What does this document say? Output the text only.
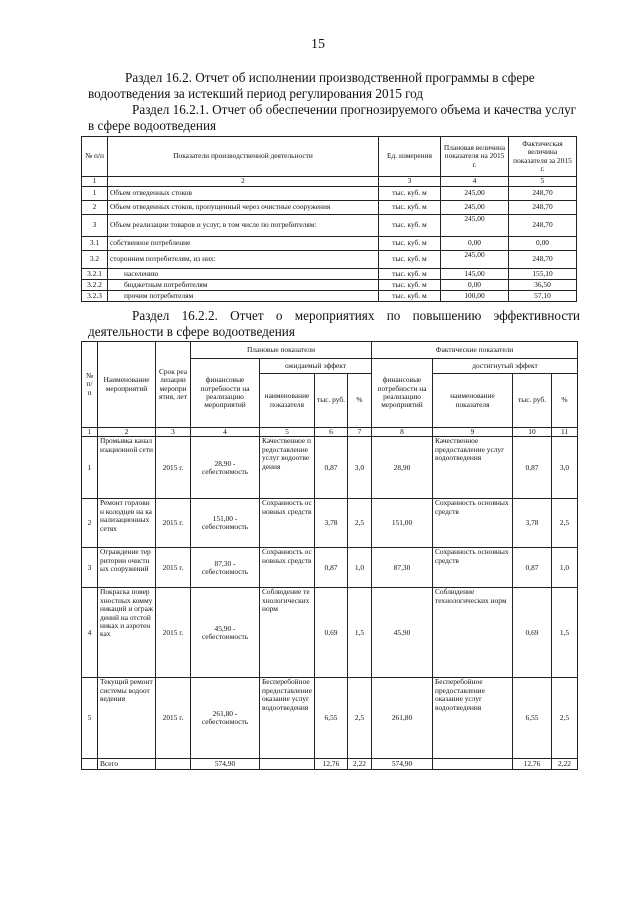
15
Раздел 16.2. Отчет об исполнении производственной программы в сфере водоотведения за истекший период регулирования 2015 год
Раздел 16.2.1. Отчет об обеспечении прогнозируемого объема и качества услуг в сфере водоотведения
№ п/п	Показатели производственной деятельности	Ед. измерения	Плановая величина показателя на 2015 г.	Фактическая величина показателя за 2015 г.
1	2	3	4	5
1	Объем отведенных стоков	тыс. куб. м	245,00	248,70
2	Объем отведенных стоков, пропущенный через очистные сооружения	тыс. куб. м	245,00	248,70
3	Объем реализации товаров и услуг, в том числе по потребителям:	тыс. куб. м	245,00	248,70
3.1	собственное потребление	тыс. куб. м	0,00	0,00
3.2	сторонним потребителям, из них:	тыс. куб. м	245,00	248,70
3.2.1	населению	тыс. куб. м	145,00	155,10
3.2.2	бюджетным потребителям	тыс. куб. м	0,00	36,50
3.2.3	прочим потребителям	тыс. куб. м	100,00	57,10
Раздел 16.2.2. Отчет о мероприятиях по повышению эффективности деятельности в сфере водоотведения
№ п/ п	Наименование мероприятий	Срок реализации мероприятия, лет	Плановые показатели				Фактические показатели			
			финансовые потребности на реализацию мероприятий	ожидаемый эффект			финансовые потребности на реализацию мероприятий	достигнутый эффект		
				наименование показателя	тыс. руб.	%		наименование показателя	тыс. руб.	%
1	2	3	4	5	6	7	8	9	10	11
1	Промывка канализационной сети	2015 г.	28,90 - себестоимость	Качественное предоставление услуг водоотведения	0,87	3,0	28,90	Качественное предоставление услуг водоотведения	0,87	3,0
2	Ремонт горловин колодцев на канализационных сетях	2015 г.	151,00 - себестоимость	Сохранность основных средств	3,78	2,5	151,00	Сохранность основных средств	3,78	2,5
3	Ограждение территории очистных сооружений	2015 г.	87,30 - себестоимость	Сохранность основных средств	0,87	1,0	87,30	Сохранность основных средств	0,87	1,0
4	Покраска поверхностных коммуникаций и ограждений на отстойниках и аэротенках	2015 г.	45,90 - себестоимость	Соблюдение технологических норм	0,69	1,5	45,90	Соблюдение технологических норм	0,69	1,5
5	Текущий ремонт системы водоотведения	2015 г.	261,80 - себестоимость	Бесперебойное предоставление оказание услуг водоотведения	6,55	2,5	261,80	Бесперебойное предоставление оказание услуг водоотведения	6,55	2,5
	Всего		574,90		12,76	2,22	574,90		12,76	2,22
